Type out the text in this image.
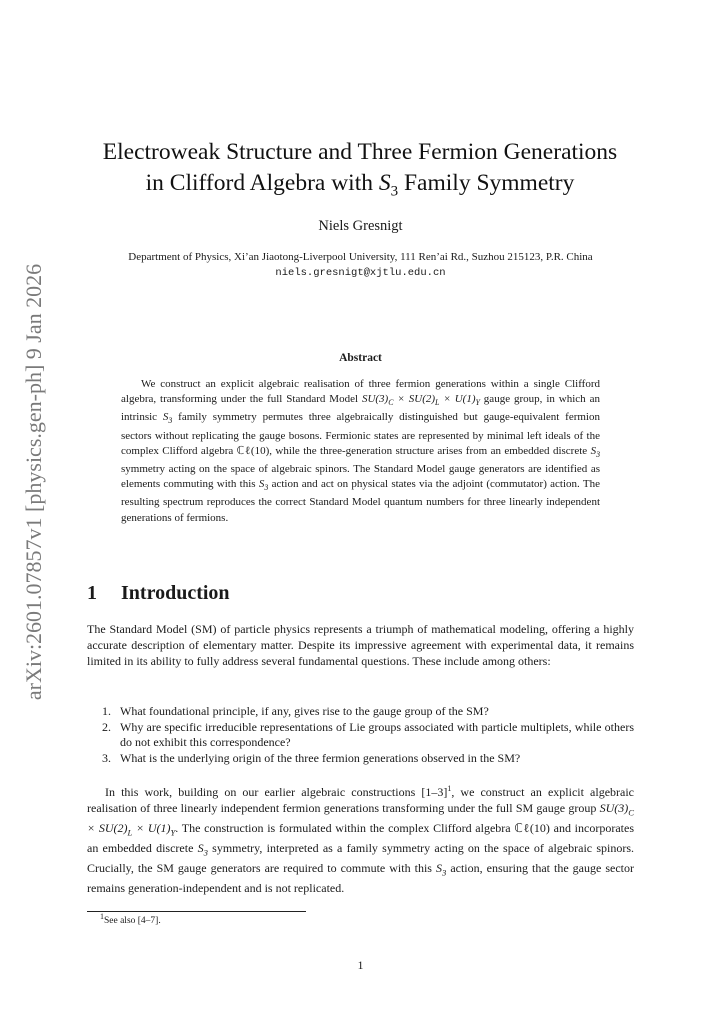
arXiv:2601.07857v1 [physics.gen-ph] 9 Jan 2026
Electroweak Structure and Three Fermion Generations
in Clifford Algebra with $S_3$ Family Symmetry
Niels Gresnigt
Department of Physics, Xi’an Jiaotong-Liverpool University, 111 Ren’ai Rd., Suzhou 215123, P.R. China
niels.gresnigt@xjtlu.edu.cn
Abstract
We construct an explicit algebraic realisation of three fermion generations within a single Clifford algebra, transforming under the full Standard Model $SU(3)_C \times SU(2)_L \times U(1)_Y$ gauge group, in which an intrinsic $S_3$ family symmetry permutes three algebraically distinguished but gauge-equivalent fermion sectors without replicating the gauge bosons. Fermionic states are represented by minimal left ideals of the complex Clifford algebra ℂℓ(10), while the three-generation structure arises from an embedded discrete $S_3$ symmetry acting on the space of algebraic spinors. The Standard Model gauge generators are identified as elements commuting with this $S_3$ action and act on physical states via the adjoint (commutator) action. The resulting spectrum reproduces the correct Standard Model quantum numbers for three linearly independent generations of fermions.
1 Introduction
The Standard Model (SM) of particle physics represents a triumph of mathematical modeling, offering a highly accurate description of elementary matter. Despite its impressive agreement with experimental data, it remains limited in its ability to fully address several fundamental questions. These include among others:
1. What foundational principle, if any, gives rise to the gauge group of the SM?
2. Why are specific irreducible representations of Lie groups associated with particle multiplets, while others do not exhibit this correspondence?
3. What is the underlying origin of the three fermion generations observed in the SM?
In this work, building on our earlier algebraic constructions [1–3]$^1$, we construct an explicit algebraic realisation of three linearly independent fermion generations transforming under the full SM gauge group $SU(3)_C \times SU(2)_L \times U(1)_Y$. The construction is formulated within the complex Clifford algebra ℂℓ(10) and incorporates an embedded discrete $S_3$ symmetry, interpreted as a family symmetry acting on the space of algebraic spinors. Crucially, the SM gauge generators are required to commute with this $S_3$ action, ensuring that the gauge sector remains generation-independent and is not replicated.
$^1$See also [4–7].
1
